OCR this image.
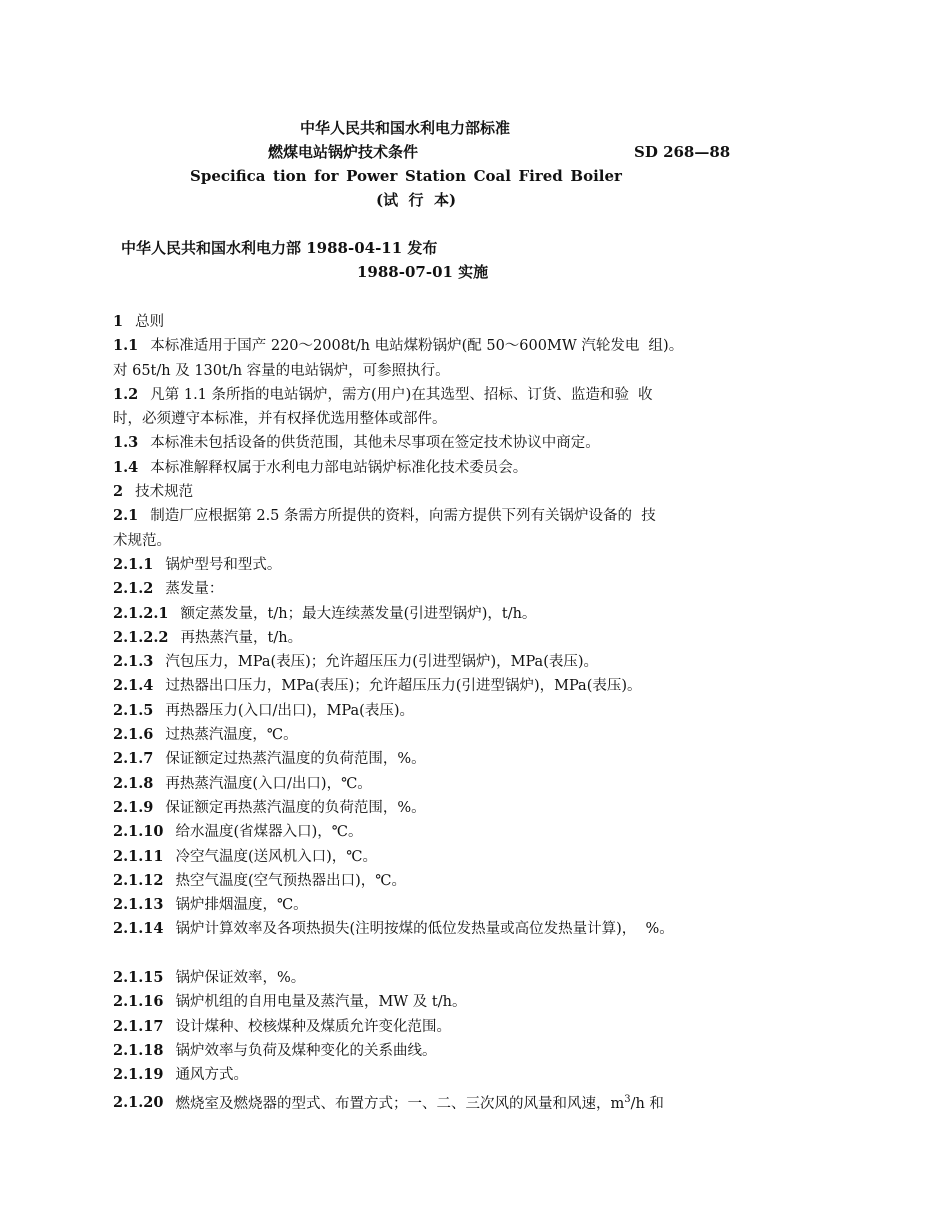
中华人民共和国水利电力部标准
燃煤电站锅炉技术条件	SD 268—88
Specifica tion for Power Station Coal Fired Boiler
(试  行  本)
中华人民共和国水利电力部 1988-04-11 发布
1988-07-01 实施
1 总则
1.1 本标准适用于国产 220～2008t/h 电站煤粉锅炉(配 50～600MW 汽轮发电  组)。
对 65t/h 及 130t/h 容量的电站锅炉，可参照执行。
1.2 凡第 1.1 条所指的电站锅炉，需方(用户)在其选型、招标、订货、监造和验  收
时，必须遵守本标准，并有权择优选用整体或部件。
1.3 本标准未包括设备的供货范围，其他未尽事项在签定技术协议中商定。
1.4 本标准解释权属于水利电力部电站锅炉标准化技术委员会。
2 技术规范
2.1 制造厂应根据第 2.5 条需方所提供的资料，向需方提供下列有关锅炉设备的  技
术规范。
2.1.1 锅炉型号和型式。
2.1.2 蒸发量：
2.1.2.1 额定蒸发量，t/h；最大连续蒸发量(引进型锅炉)，t/h。
2.1.2.2 再热蒸汽量，t/h。
2.1.3 汽包压力，MPa(表压)；允许超压压力(引进型锅炉)，MPa(表压)。
2.1.4 过热器出口压力，MPa(表压)；允许超压压力(引进型锅炉)，MPa(表压)。
2.1.5 再热器压力(入口/出口)，MPa(表压)。
2.1.6 过热蒸汽温度，℃。
2.1.7 保证额定过热蒸汽温度的负荷范围，%。
2.1.8 再热蒸汽温度(入口/出口)，℃。
2.1.9 保证额定再热蒸汽温度的负荷范围，%。
2.1.10 给水温度(省煤器入口)，℃。
2.1.11 冷空气温度(送风机入口)，℃。
2.1.12 热空气温度(空气预热器出口)，℃。
2.1.13 锅炉排烟温度，℃。
2.1.14 锅炉计算效率及各项热损失(注明按煤的低位发热量或高位发热量计算)，  %。
2.1.15 锅炉保证效率，%。
2.1.16 锅炉机组的自用电量及蒸汽量，MW 及 t/h。
2.1.17 设计煤种、校核煤种及煤质允许变化范围。
2.1.18 锅炉效率与负荷及煤种变化的关系曲线。
2.1.19 通风方式。
2.1.20 燃烧室及燃烧器的型式、布置方式；一、二、三次风的风量和风速，$m^3/h$ 和
